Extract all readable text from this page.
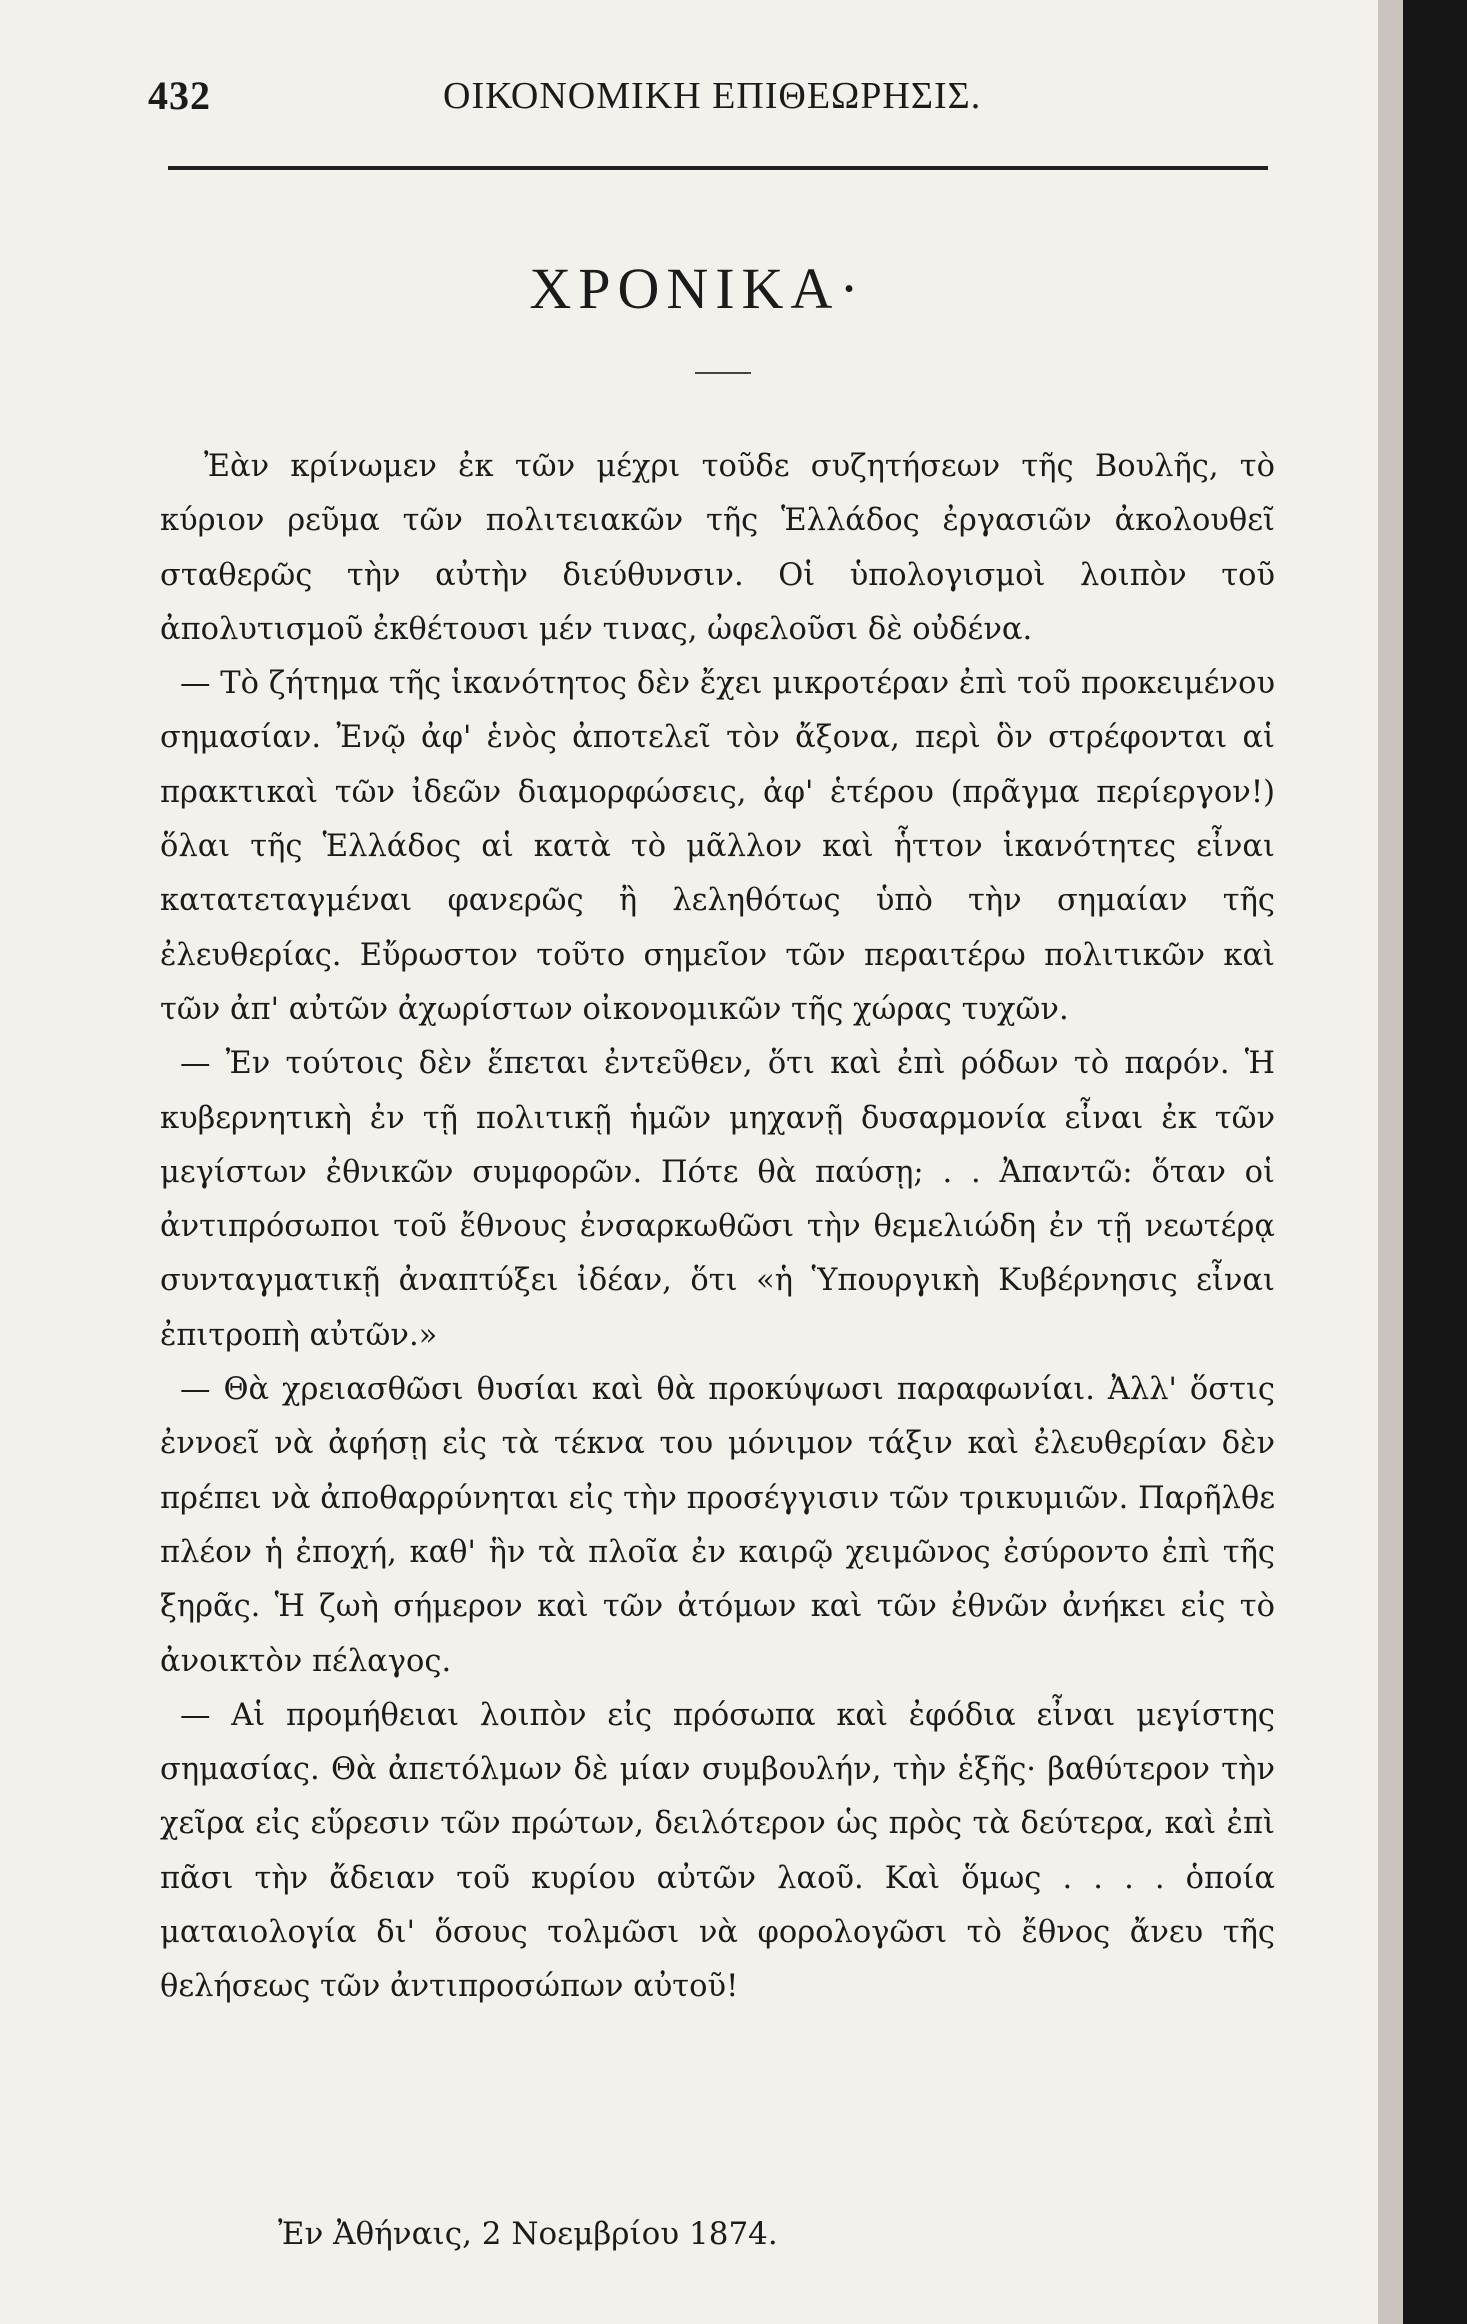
432	ΟΙΚΟΝΟΜΙΚΗ ΕΠΙΘΕΩΡΗΣΙΣ.
ΧΡΟΝΙΚΑ·

Ἐὰν κρίνωμεν ἐκ τῶν μέχρι τοῦδε συζητήσεων τῆς Βουλῆς, τὸ κύριον ρεῦμα τῶν πολιτειακῶν τῆς Ἑλλάδος ἐργασιῶν ἀκολουθεῖ σταθερῶς τὴν αὐτὴν διεύθυνσιν. Οἱ ὑπολογισμοὶ λοιπὸν τοῦ ἀπολυτισμοῦ ἐκθέτουσι μέν τινας, ὠφελοῦσι δὲ οὐδένα.

— Τὸ ζήτημα τῆς ἱκανότητος δὲν ἔχει μικροτέραν ἐπὶ τοῦ προκειμένου σημασίαν. Ἐνῷ ἀφ' ἑνὸς ἀποτελεῖ τὸν ἄξονα, περὶ ὃν στρέφονται αἱ πρακτικαὶ τῶν ἰδεῶν διαμορφώσεις, ἀφ' ἑτέρου (πρᾶγμα περίεργον!) ὅλαι τῆς Ἑλλάδος αἱ κατὰ τὸ μᾶλλον καὶ ἧττον ἱκανότητες εἶναι κατατεταγμέναι φανερῶς ἢ λεληθότως ὑπὸ τὴν σημαίαν τῆς ἐλευθερίας. Εὔρωστον τοῦτο σημεῖον τῶν περαιτέρω πολιτικῶν καὶ τῶν ἀπ' αὐτῶν ἀχωρίστων οἰκονομικῶν τῆς χώρας τυχῶν.

— Ἐν τούτοις δὲν ἕπεται ἐντεῦθεν, ὅτι καὶ ἐπὶ ρόδων τὸ παρόν. Ἡ κυβερνητικὴ ἐν τῇ πολιτικῇ ἡμῶν μηχανῇ δυσαρμονία εἶναι ἐκ τῶν μεγίστων ἐθνικῶν συμφορῶν. Πότε θὰ παύσῃ; . . Ἀπαντῶ: ὅταν οἱ ἀντιπρόσωποι τοῦ ἔθνους ἐνσαρκωθῶσι τὴν θεμελιώδη ἐν τῇ νεωτέρᾳ συνταγματικῇ ἀναπτύξει ἰδέαν, ὅτι «ἡ Ὑπουργικὴ Κυβέρνησις εἶναι ἐπιτροπὴ αὐτῶν.»

— Θὰ χρειασθῶσι θυσίαι καὶ θὰ προκύψωσι παραφωνίαι. Ἀλλ' ὅστις ἐννοεῖ νὰ ἀφήσῃ εἰς τὰ τέκνα του μόνιμον τάξιν καὶ ἐλευθερίαν δὲν πρέπει νὰ ἀποθαρρύνηται εἰς τὴν προσέγγισιν τῶν τρικυμιῶν. Παρῆλθε πλέον ἡ ἐποχή, καθ' ἣν τὰ πλοῖα ἐν καιρῷ χειμῶνος ἐσύροντο ἐπὶ τῆς ξηρᾶς. Ἡ ζωὴ σήμερον καὶ τῶν ἀτόμων καὶ τῶν ἐθνῶν ἀνήκει εἰς τὸ ἀνοικτὸν πέλαγος.

— Αἱ προμήθειαι λοιπὸν εἰς πρόσωπα καὶ ἐφόδια εἶναι μεγίστης σημασίας. Θὰ ἀπετόλμων δὲ μίαν συμβουλήν, τὴν ἑξῆς· βαθύτερον τὴν χεῖρα εἰς εὕρεσιν τῶν πρώτων, δειλότερον ὡς πρὸς τὰ δεύτερα, καὶ ἐπὶ πᾶσι τὴν ἄδειαν τοῦ κυρίου αὐτῶν λαοῦ. Καὶ ὅμως . . . . ὁποία ματαιολογία δι' ὅσους τολμῶσι νὰ φορολογῶσι τὸ ἔθνος ἄνευ τῆς θελήσεως τῶν ἀντιπροσώπων αὐτοῦ!

Ἐν Ἀθήναις, 2 Νοεμβρίου 1874.
